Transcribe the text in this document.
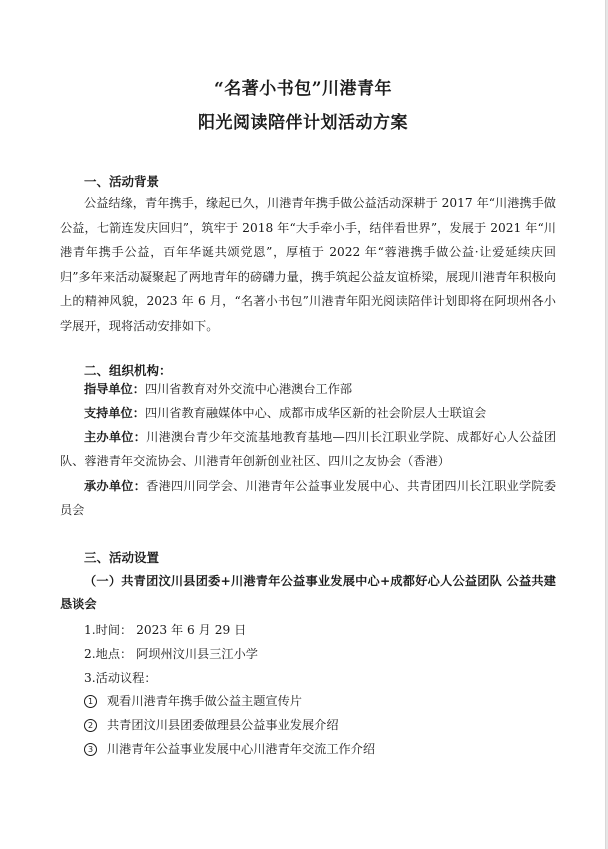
“名著小书包”川港青年
阳光阅读陪伴计划活动方案
一、活动背景
公益结缘，青年携手，缘起已久，川港青年携手做公益活动深耕于 2017 年“川港携手做公益，七箭连发庆回归”，筑牢于 2018 年“大手牵小手，结伴看世界”，发展于 2021 年“川港青年携手公益，百年华诞共颂党恩”，厚植于 2022 年“蓉港携手做公益·让爱延续庆回归”多年来活动凝聚起了两地青年的磅礴力量，携手筑起公益友谊桥梁，展现川港青年积极向上的精神风貌，2023 年 6 月，“名著小书包”川港青年阳光阅读陪伴计划即将在阿坝州各小学展开，现将活动安排如下。
二、组织机构：
指导单位：四川省教育对外交流中心港澳台工作部
支持单位：四川省教育融媒体中心、成都市成华区新的社会阶层人士联谊会
主办单位：川港澳台青少年交流基地教育基地—四川长江职业学院、成都好心人公益团队、蓉港青年交流协会、川港青年创新创业社区、四川之友协会（香港）
承办单位：香港四川同学会、川港青年公益事业发展中心、共青团四川长江职业学院委员会
三、活动设置
（一）共青团汶川县团委+川港青年公益事业发展中心+成都好心人公益团队 公益共建恳谈会
1.时间： 2023 年 6 月 29 日
2.地点： 阿坝州汶川县三江小学
3.活动议程：
1 观看川港青年携手做公益主题宣传片
2 共青团汶川县团委做理县公益事业发展介绍
3 川港青年公益事业发展中心川港青年交流工作介绍
